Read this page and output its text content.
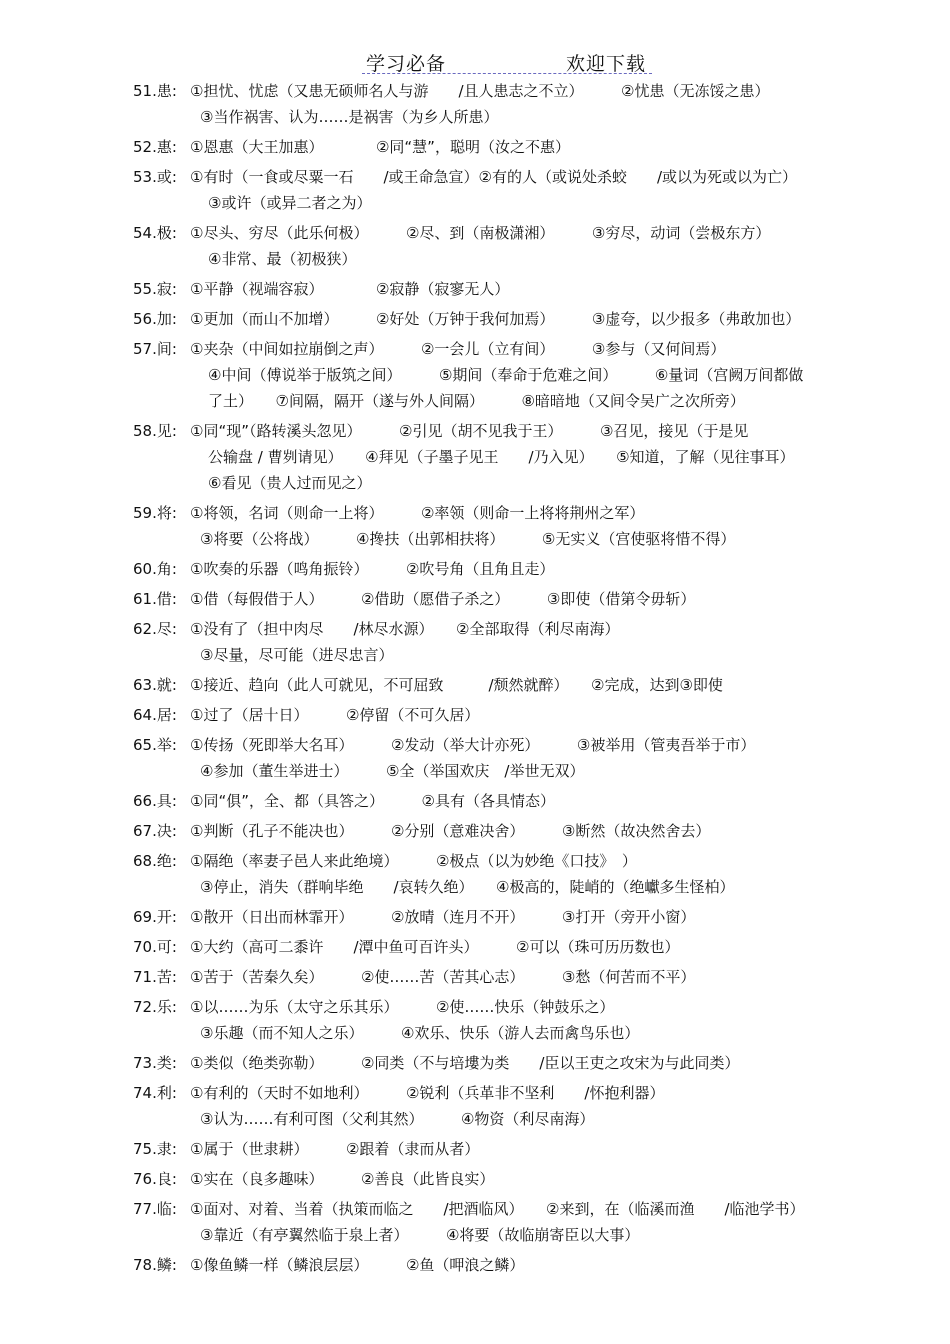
学习必备	欢迎下载
51.患: ①担忧、忧虑（又患无硕师名人与游　　/且人患志之不立）　　　②忧患（无冻馁之患）
③当作祸害、认为……是祸害（为乡人所患）
52.惠: ①恩惠（大王加惠）　　　　②同“慧”，聪明（汝之不惠）
53.或: ①有时（一食或尽粟一石　　/或王命急宣）②有的人（或说处杀蛟　　/或以为死或以为亡）
③或许（或异二者之为）
54.极: ①尽头、穷尽（此乐何极）　　　②尽、到（南极潇湘）　　　③穷尽，动词（尝极东方）
④非常、最（初极狭）
55.寂: ①平静（视端容寂）　　　　②寂静（寂寥无人）
56.加: ①更加（而山不加增）　　　②好处（万钟于我何加焉）　　　③虚夸，以少报多（弗敢加也）
57.间: ①夹杂（中间如拉崩倒之声）　　　②一会儿（立有间）　　　③参与（又何间焉）
④中间（傅说举于版筑之间）　　　⑤期间（奉命于危难之间）　　　⑥量词（宫阙万间都做
了土）　　⑦间隔，隔开（遂与外人间隔）　　　⑧暗暗地（又间令吴广之次所旁）
58.见: ①同“现”（路转溪头忽见）　　　②引见（胡不见我于王）　　　③召见，接见（于是见
公输盘 / 曹刿请见）　　④拜见（子墨子见王　　/乃入见）　　⑤知道，了解（见往事耳）
⑥看见（贵人过而见之）
59.将: ①将领，名词（则命一上将）　　　②率领（则命一上将将荆州之军）
③将要（公将战）　　　④搀扶（出郭相扶将）　　　⑤无实义（宫使驱将惜不得）
60.角: ①吹奏的乐器（鸣角振铃）　　　②吹号角（且角且走）
61.借: ①借（每假借于人）　　　②借助（愿借子杀之）　　　③即使（借第令毋斩）
62.尽: ①没有了（担中肉尽　　/林尽水源）　　②全部取得（利尽南海）
③尽量，尽可能（进尽忠言）
63.就: ①接近、趋向（此人可就见，不可屈致　　　/颓然就醉）　　②完成，达到③即使
64.居: ①过了（居十日）　　　②停留（不可久居）
65.举: ①传扬（死即举大名耳）　　　②发动（举大计亦死）　　　③被举用（管夷吾举于市）
④参加（董生举进士）　　　⑤全（举国欢庆　/举世无双）
66.具: ①同“俱”，全、都（具答之）　　　②具有（各具情态）
67.决: ①判断（孔子不能决也）　　　②分别（意难决舍）　　　③断然（故决然舍去）
68.绝: ①隔绝（率妻子邑人来此绝境）　　　②极点（以为妙绝《口技》　）
③停止，消失（群响毕绝　　/哀转久绝）　　④极高的，陡峭的（绝巘多生怪柏）
69.开: ①散开（日出而林霏开）　　　②放晴（连月不开）　　　③打开（旁开小窗）
70.可: ①大约（高可二黍许　　/潭中鱼可百许头）　　　②可以（珠可历历数也）
71.苦: ①苦于（苦秦久矣）　　　②使……苦（苦其心志）　　　③愁（何苦而不平）
72.乐: ①以……为乐（太守之乐其乐）　　　②使……快乐（钟鼓乐之）
③乐趣（而不知人之乐）　　　④欢乐、快乐（游人去而禽鸟乐也）
73.类: ①类似（绝类弥勒）　　　②同类（不与培塿为类　　/臣以王吏之攻宋为与此同类）
74.利: ①有利的（天时不如地利）　　　②锐利（兵革非不坚利　　/怀抱利器）
③认为……有利可图（父利其然）　　　④物资（利尽南海）
75.隶: ①属于（世隶耕）　　　②跟着（隶而从者）
76.良: ①实在（良多趣味）　　　②善良（此皆良实）
77.临: ①面对、对着、当着（执策而临之　　/把酒临风）　　②来到，在（临溪而渔　　/临池学书）
③靠近（有亭翼然临于泉上者）　　　④将要（故临崩寄臣以大事）
78.鳞: ①像鱼鳞一样（鳞浪层层）　　　②鱼（呷浪之鳞）
